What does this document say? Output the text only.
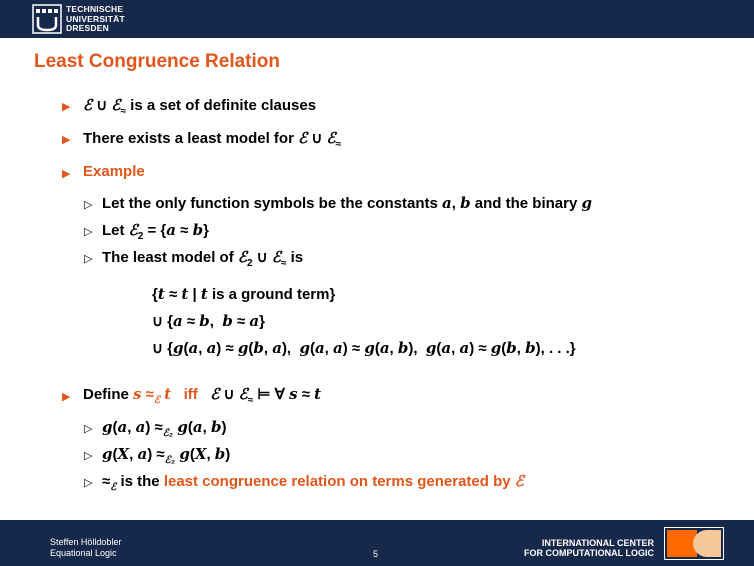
TECHNISCHE
UNIVERSITÄT
DRESDEN
Least Congruence Relation
▶ ℰ ∪ ℰ$_\approx$ is a set of definite clauses
▶ There exists a least model for ℰ ∪ ℰ$_\approx$
▶ Example
▷ Let the only function symbols be the constants a, b and the binary g
▷ Let ℰ$_2$ = {a ≈ b}
▷ The least model of ℰ$_2$ ∪ ℰ$_\approx$ is
{t ≈ t | t is a ground term}
∪ {a ≈ b,  b ≈ a}
∪ {g(a, a) ≈ g(b, a),  g(a, a) ≈ g(a, b),  g(a, a) ≈ g(b, b), . . .}
▶ Define $s \approx_ℰ$ t iff ℰ ∪ ℰ$_\approx$ ⊨ ∀ s ≈ t
▷ g(a, $a) \approx_{ℰ_2}$ g(a, b)
▷ g(X, $a) \approx_{ℰ_2}$ g(X, b)
▷ $\approx_ℰ$ is the least congruence relation on terms generated by ℰ
Steffen Hölldobler
Equational Logic	5
INTERNATIONAL CENTER
FOR COMPUTATIONAL LOGIC
